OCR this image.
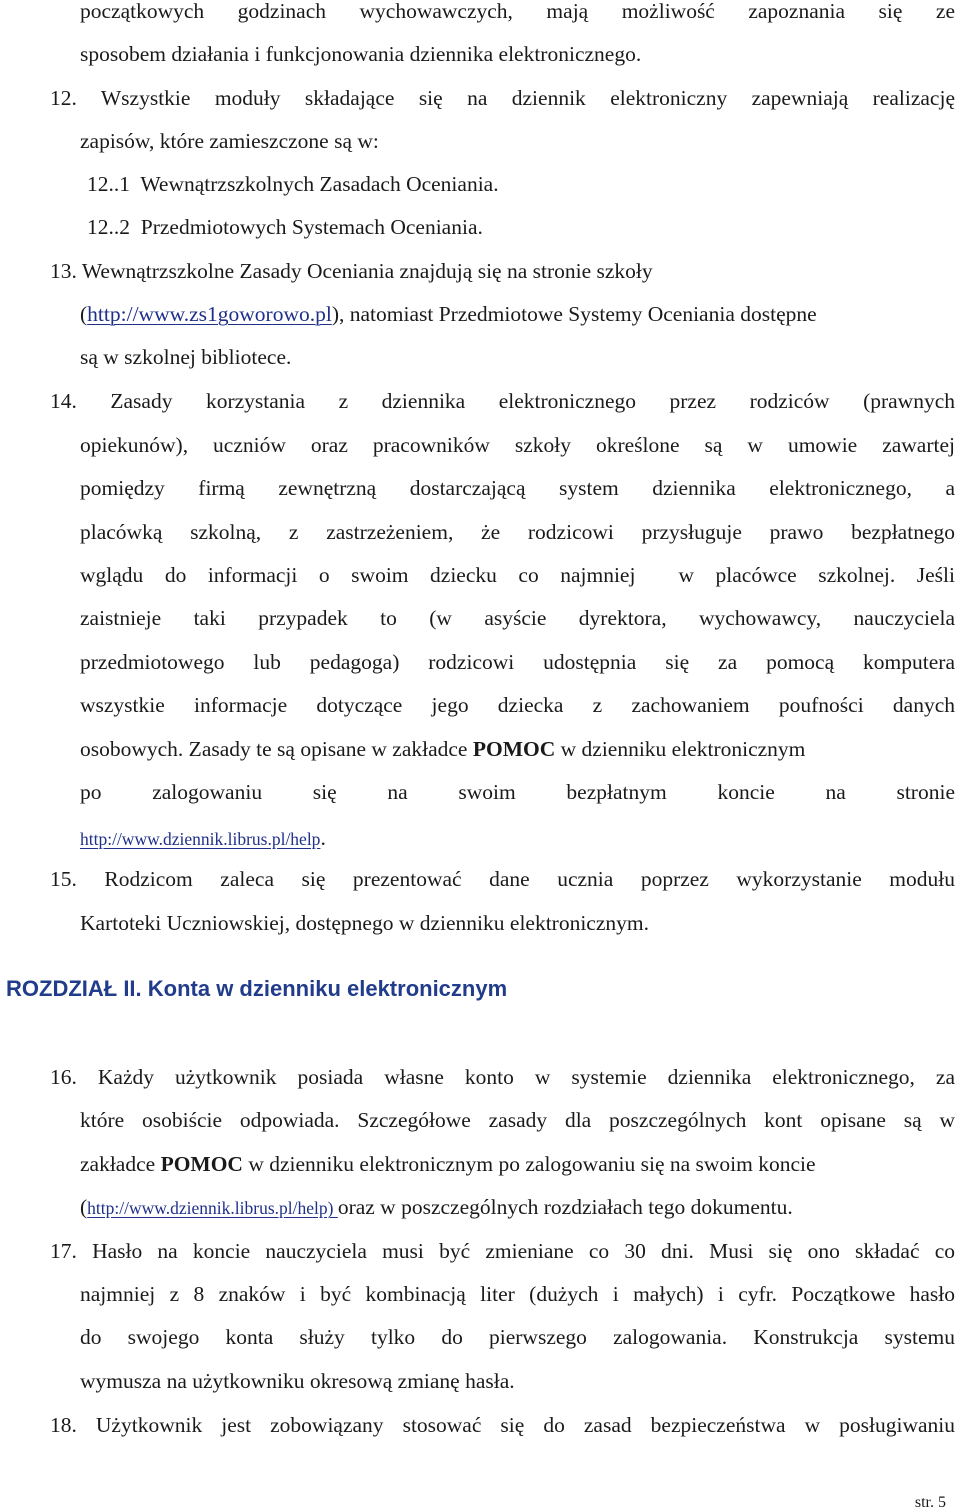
początkowych godzinach wychowawczych, mają możliwość zapoznania się ze
sposobem działania i funkcjonowania dziennika elektronicznego.
12. Wszystkie moduły składające się na dziennik elektroniczny zapewniają realizację
zapisów, które zamieszczone są w:
12..1  Wewnątrzszkolnych Zasadach Oceniania.
12..2  Przedmiotowych Systemach Oceniania.
13. Wewnątrzszkolne Zasady Oceniania znajdują się na stronie szkoły
(http://www.zs1goworowo.pl), natomiast Przedmiotowe Systemy Oceniania dostępne
są w szkolnej bibliotece.
14. Zasady korzystania z dziennika elektronicznego przez rodziców (prawnych
opiekunów), uczniów oraz pracowników szkoły określone są w umowie zawartej
pomiędzy firmą zewnętrzną dostarczającą system dziennika elektronicznego, a
placówką szkolną, z zastrzeżeniem, że rodzicowi przysługuje prawo bezpłatnego
wglądu do informacji o swoim dziecku co najmniej  w placówce szkolnej. Jeśli
zaistnieje taki przypadek to (w asyście dyrektora, wychowawcy, nauczyciela
przedmiotowego lub pedagoga) rodzicowi udostępnia się za pomocą komputera
wszystkie informacje dotyczące jego dziecka z zachowaniem poufności danych
osobowych. Zasady te są opisane w zakładce POMOC w dzienniku elektronicznym
po zalogowaniu się na swoim bezpłatnym koncie na stronie
http://www.dziennik.librus.pl/help.
15. Rodzicom zaleca się prezentować dane ucznia poprzez wykorzystanie modułu
Kartoteki Uczniowskiej, dostępnego w dzienniku elektronicznym.
ROZDZIAŁ II. Konta w dzienniku elektronicznym
16. Każdy użytkownik posiada własne konto w systemie dziennika elektronicznego, za
które osobiście odpowiada. Szczegółowe zasady dla poszczególnych kont opisane są w
zakładce POMOC w dzienniku elektronicznym po zalogowaniu się na swoim koncie
(http://www.dziennik.librus.pl/help) oraz w poszczególnych rozdziałach tego dokumentu.
17. Hasło na koncie nauczyciela musi być zmieniane co 30 dni. Musi się ono składać co
najmniej z 8 znaków i być kombinacją liter (dużych i małych) i cyfr. Początkowe hasło
do swojego konta służy tylko do pierwszego zalogowania. Konstrukcja systemu
wymusza na użytkowniku okresową zmianę hasła.
18. Użytkownik jest zobowiązany stosować się do zasad bezpieczeństwa w posługiwaniu
str. 5
